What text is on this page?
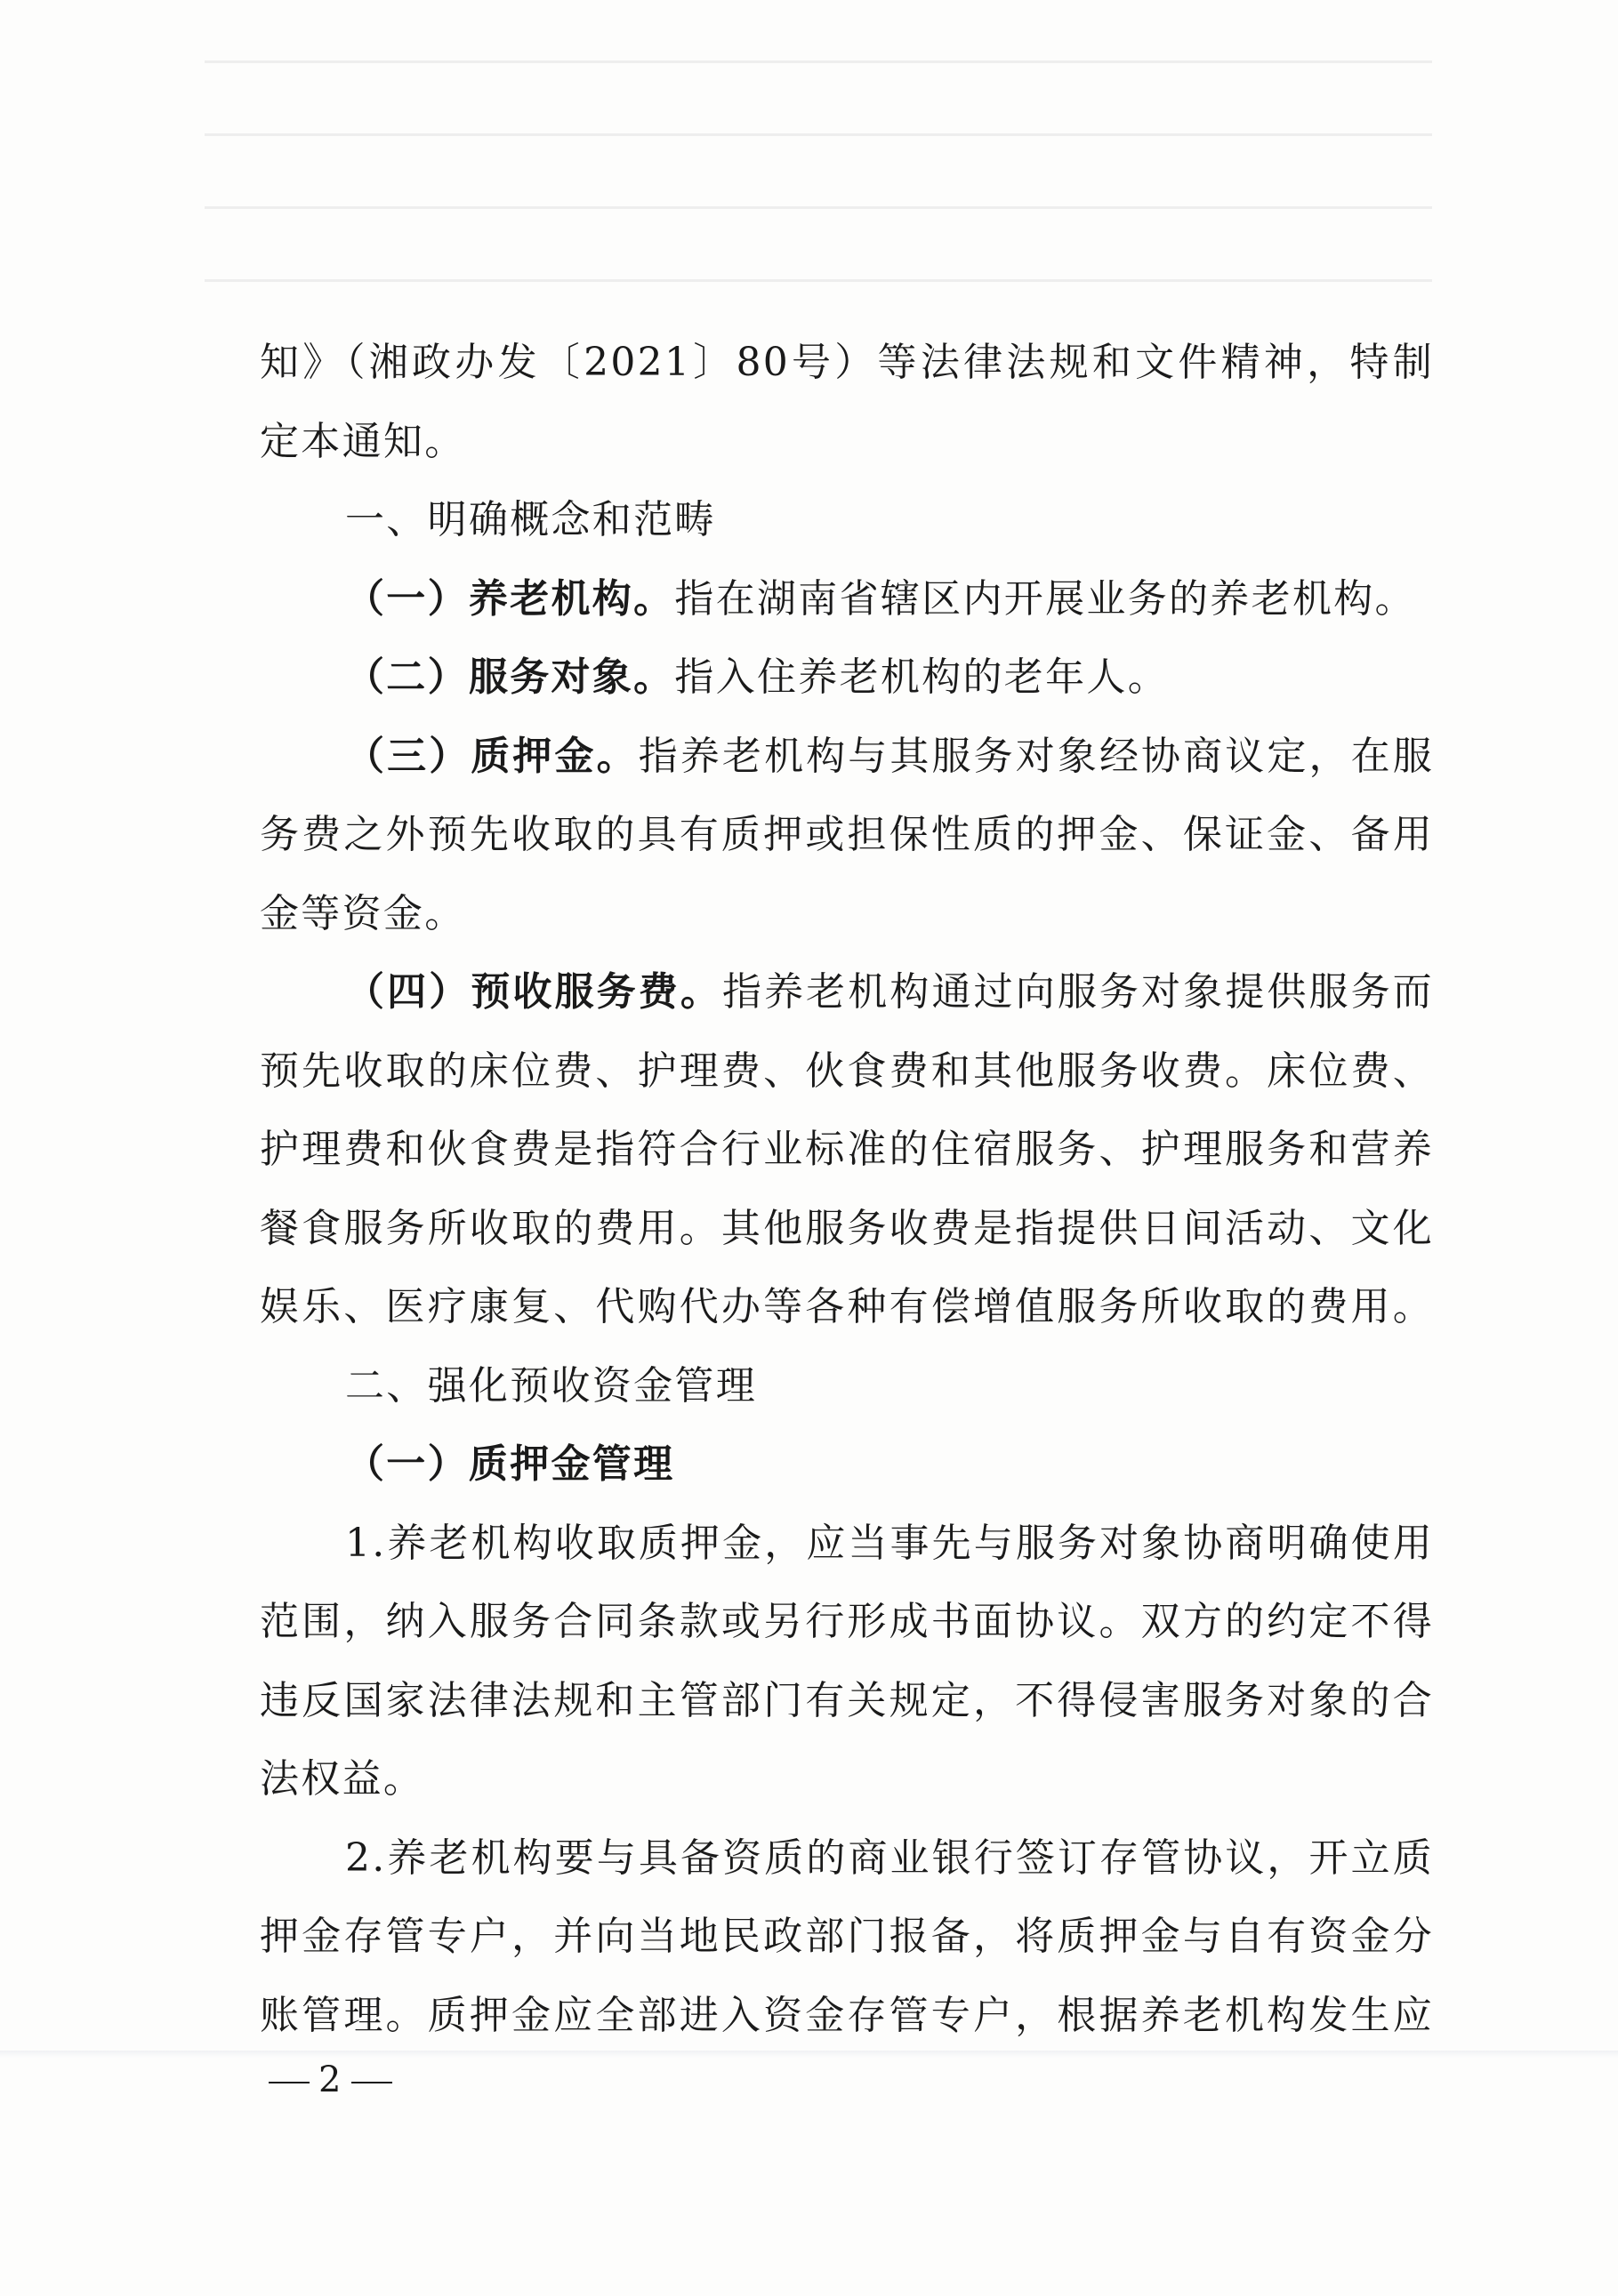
知》（湘政办发〔2021〕80号）等法律法规和文件精神，特制
定本通知。
一、明确概念和范畴
（一）养老机构。指在湖南省辖区内开展业务的养老机构。
（二）服务对象。指入住养老机构的老年人。
（三）质押金。指养老机构与其服务对象经协商议定，在服
务费之外预先收取的具有质押或担保性质的押金、保证金、备用
金等资金。
（四）预收服务费。指养老机构通过向服务对象提供服务而
预先收取的床位费、护理费、伙食费和其他服务收费。床位费、
护理费和伙食费是指符合行业标准的住宿服务、护理服务和营养
餐食服务所收取的费用。其他服务收费是指提供日间活动、文化
娱乐、医疗康复、代购代办等各种有偿增值服务所收取的费用。
二、强化预收资金管理
（一）质押金管理
1.养老机构收取质押金，应当事先与服务对象协商明确使用
范围，纳入服务合同条款或另行形成书面协议。双方的约定不得
违反国家法律法规和主管部门有关规定，不得侵害服务对象的合
法权益。
2.养老机构要与具备资质的商业银行签订存管协议，开立质
押金存管专户，并向当地民政部门报备，将质押金与自有资金分
账管理。质押金应全部进入资金存管专户，根据养老机构发生应
2
